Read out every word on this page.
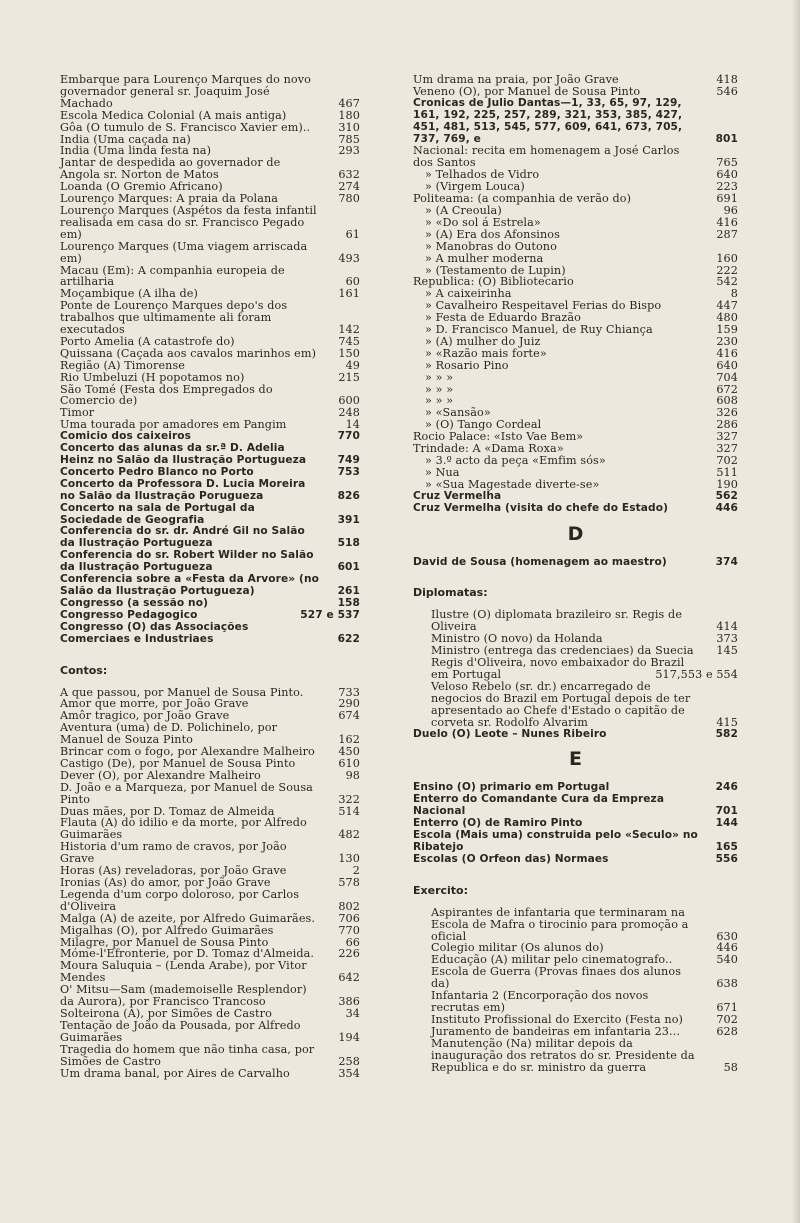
Embarque para Lourenço Marques do novo governador general sr. Joaquim José Machado	467
Escola Medica Colonial (A mais antiga)	180
Gôa (O tumulo de S. Francisco Xavier em)..	310
India (Uma caçada na)	785
India (Uma linda festa na)	293
Jantar de despedida ao governador de Angola sr. Norton de Matos	632
Loanda (O Gremio Africano)	274
Lourenço Marques: A praia da Polana	780
Lourenço Marques (Aspétos da festa infantil realisada em casa do sr. Francisco Pegado em)	61
Lourenço Marques (Uma viagem arriscada em)	493
Macau (Em): A companhia europeia de artilharia	60
Moçambique (A ilha de)	161
Ponte de Lourenço Marques depo's dos trabalhos que ultimamente ali foram executados	142
Porto Amelia (A catastrofe do)	745
Quissana (Caçada aos cavalos marinhos em)	150
Região (A) Timorense	49
Rio Umbeluzi (H popotamos no)	215
São Tomé (Festa dos Empregados do Comercio de)	600
Timor	248
Uma tourada por amadores em Pangim	14
Comicio dos caixeiros	770
Concerto das alunas da sr.ª D. Adelia Heinz no Salão da Ilustração Portugueza	749
Concerto Pedro Blanco no Porto	753
Concerto da Professora D. Lucia Moreira no Salão da Ilustração Porugueza	826
Concerto na sala de Portugal da Sociedade de Geografia	391
Conferencia do sr. dr. André Gil no Salão da Ilustração Portugueza	518
Conferencia do sr. Robert Wilder no Salão da Ilustração Portugueza	601
Conferencia sobre a «Festa da Arvore» (no Salão da Ilustração Portugueza)	261
Congresso (a sessão no)	158
Congresso Pedagogico	527 e 537
Congresso (O) das Associações Comerciaes e Industriaes	622
Contos:
A que passou, por Manuel de Sousa Pinto.	733
Amor que morre, por João Grave	290
Amôr tragico, por João Grave	674
Aventura (uma) de D. Polichinelo, por Manuel de Souza Pinto	162
Brincar com o fogo, por Alexandre Malheiro	450
Castigo (De), por Manuel de Sousa Pinto	610
Dever (O), por Alexandre Malheiro	98
D. João e a Marqueza, por Manuel de Sousa Pinto	322
Duas mães, por D. Tomaz de Almeida	514
Flauta (A) do idilio e da morte, por Alfredo Guimarães	482
Historia d'um ramo de cravos, por João Grave	130
Horas (As) reveladoras, por João Grave	2
Ironias (As) do amor, por João Grave	578
Legenda d'um corpo doloroso, por Carlos d'Oliveira	802
Malga (A) de azeite, por Alfredo Guimarães.	706
Migalhas (O), por Alfredo Guimarães	770
Milagre, por Manuel de Sousa Pinto	66
Móme-l'Efronterie, por D. Tomaz d'Almeida.	226
Moura Saluquia – (Lenda Arabe), por Vitor Mendes	642
O' Mitsu—Sam (mademoiselle Resplendor) da Aurora), por Francisco Trancoso	386
Solteirona (A), por Simões de Castro	34
Tentação de João da Pousada, por Alfredo Guimarães	194
Tragedia do homem que não tinha casa, por Simões de Castro	258
Um drama banal, por Aires de Carvalho	354
Um drama na praia, por João Grave	418
Veneno (O), por Manuel de Sousa Pinto	546
Cronicas de Julio Dantas—1, 33, 65, 97, 129, 161, 192, 225, 257, 289, 321, 353, 385, 427, 451, 481, 513, 545, 577, 609, 641, 673, 705, 737, 769, e	801
Nacional: recita em homenagem a José Carlos dos Santos	765
» Telhados de Vidro	640
» (Virgem Louca)	223
Politeama: (a companhia de verão do)	691
» (A Creoula)	96
» «Do sol á Estrela»	416
» (A) Era dos Afonsinos	287
» Manobras do Outono
» A mulher moderna	160
» (Testamento de Lupin)	222
Republica: (O) Bibliotecario	542
» A caixeirinha	8
» Cavalheiro Respeitavel Ferias do Bispo	447
» Festa de Eduardo Brazão	480
» D. Francisco Manuel, de Ruy Chiança	159
» (A) mulher do Juiz	230
» «Razão mais forte»	416
» Rosario Pino	640
» » »	704
» » »	672
» » »	608
» «Sansão»	326
» (O) Tango Cordeal	286
Rocio Palace: «Isto Vae Bem»	327
Trindade: A «Dama Roxa»	327
» 3.º acto da peça «Emfim sós»	702
» Nua	511
» «Sua Magestade diverte-se»	190
Cruz Vermelha	562
Cruz Vermelha (visita do chefe do Estado)	446
D
David de Sousa (homenagem ao maestro)	374
Diplomatas:
Ilustre (O) diplomata brazileiro sr. Regis de Oliveira	414
Ministro (O novo) da Holanda	373
Ministro (entrega das credenciaes) da Suecia	145
Regis d'Oliveira, novo embaixador do Brazil em Portugal	517,553 e 554
Veloso Rebelo (sr. dr.) encarregado de negocios do Brazil em Portugal depois de ter apresentado ao Chefe d'Estado o capitão de corveta sr. Rodolfo Alvarim	415
Duelo (O) Leote – Nunes Ribeiro	582
E
Ensino (O) primario em Portugal	246
Enterro do Comandante Cura da Empreza Nacional	701
Enterro (O) de Ramiro Pinto	144
Escola (Mais uma) construida pelo «Seculo» no Ribatejo	165
Escolas (O Orfeon das) Normaes	556
Exercito:
Aspirantes de infantaria que terminaram na Escola de Mafra o tirocinio para promoção a oficial	630
Colegio militar (Os alunos do)	446
Educação (A) militar pelo cinematografo..	540
Escola de Guerra (Provas finaes dos alunos da)	638
Infantaria 2 (Encorporação dos novos recrutas em)	671
Instituto Profissional do Exercito (Festa no)	702
Juramento de bandeiras em infantaria 23...	628
Manutenção (Na) militar depois da inauguração dos retratos do sr. Presidente da Republica e do sr. ministro da guerra	58
